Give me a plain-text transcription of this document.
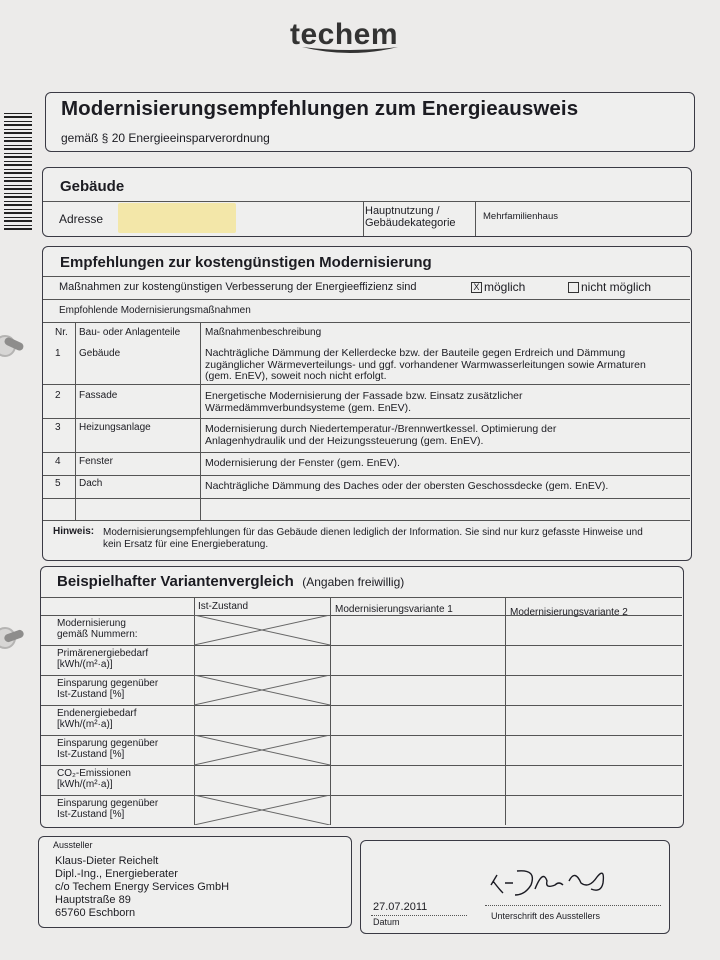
techem
Modernisierungsempfehlungen zum Energieausweis
gemäß § 20 Energieeinsparverordnung
Gebäude
Adresse
Hauptnutzung /
Gebäudekategorie
Mehrfamilienhaus
Empfehlungen zur kostengünstigen Modernisierung
Maßnahmen zur kostengünstigen Verbesserung der Energieeffizienz sind	X möglich	nicht möglich
Empfohlende Modernisierungsmaßnahmen
Nr. Bau- oder Anlagenteile Maßnahmenbeschreibung
1 Gebäude	Nachträgliche Dämmung der Kellerdecke bzw. der Bauteile gegen Erdreich und Dämmung zugänglicher Wärmeverteilungs- und ggf. vorhandener Warmwasserleitungen sowie Armaturen (gem. EnEV), soweit noch nicht erfolgt.
2 Fassade	Energetische Modernisierung der Fassade bzw. Einsatz zusätzlicher Wärmedämmverbundsysteme (gem. EnEV).
3 Heizungsanlage	Modernisierung durch Niedertemperatur-/Brennwertkessel. Optimierung der Anlagenhydraulik und der Heizungssteuerung (gem. EnEV).
4 Fenster	Modernisierung der Fenster (gem. EnEV).
5 Dach	Nachträgliche Dämmung des Daches oder der obersten Geschossdecke (gem. EnEV).
Hinweis: Modernisierungsempfehlungen für das Gebäude dienen lediglich der Information. Sie sind nur kurz gefasste Hinweise und kein Ersatz für eine Energieberatung.
Beispielhafter Variantenvergleich (Angaben freiwillig)
Ist-Zustand	Modernisierungsvariante 1	Modernisierungsvariante 2
Modernisierung
gemäß Nummern:
Primärenergiebedarf
[kWh/(m²·a)]
Einsparung gegenüber
Ist-Zustand [%]
Endenergiebedarf
[kWh/(m²·a)]
Einsparung gegenüber
Ist-Zustand [%]
CO₂-Emissionen
[kWh/(m²·a)]
Einsparung gegenüber
Ist-Zustand [%]
Aussteller
Klaus-Dieter Reichelt
Dipl.-Ing., Energieberater
c/o Techem Energy Services GmbH
Hauptstraße 89
65760 Eschborn	27.07.2011
Datum
Unterschrift des Ausstellers
